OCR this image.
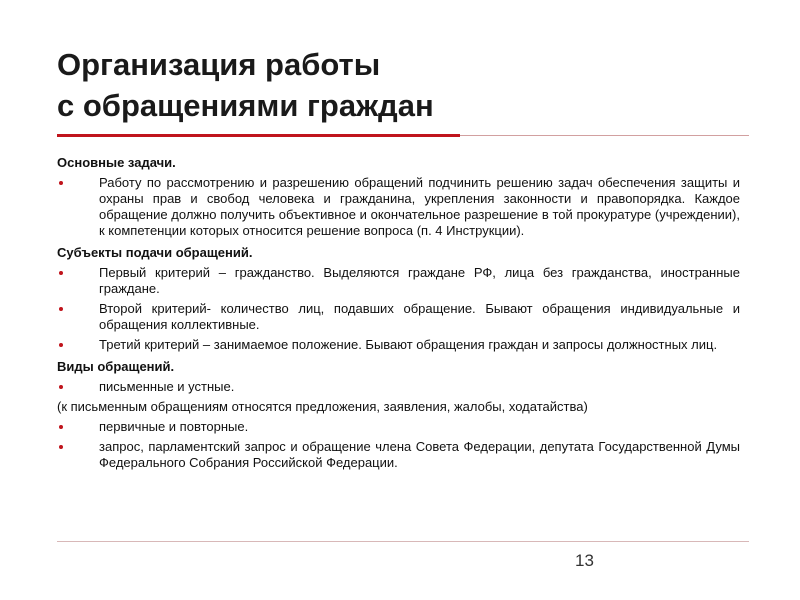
Организация работы
с обращениями граждан

Основные задачи.

Работу по рассмотрению и разрешению обращений подчинить решению задач обеспечения защиты и охраны прав и свобод человека и гражданина, укрепления законности и правопорядка. Каждое обращение должно получить объективное и окончательное разрешение в той прокуратуре (учреждении), к компетенции которых относится решение вопроса (п. 4 Инструкции).

Субъекты подачи обращений.

Первый критерий – гражданство. Выделяются граждане РФ, лица без гражданства, иностранные граждане.
Второй критерий- количество лиц, подавших обращение. Бывают обращения индивидуальные и обращения коллективные.
Третий критерий – занимаемое положение. Бывают обращения граждан и запросы должностных лиц.

Виды обращений.

письменные и устные.

(к письменным обращениям относятся предложения, заявления, жалобы, ходатайства)

первичные и повторные.
запрос, парламентский запрос и обращение члена Совета Федерации, депутата Государственной Думы Федерального Собрания Российской Федерации.
13
